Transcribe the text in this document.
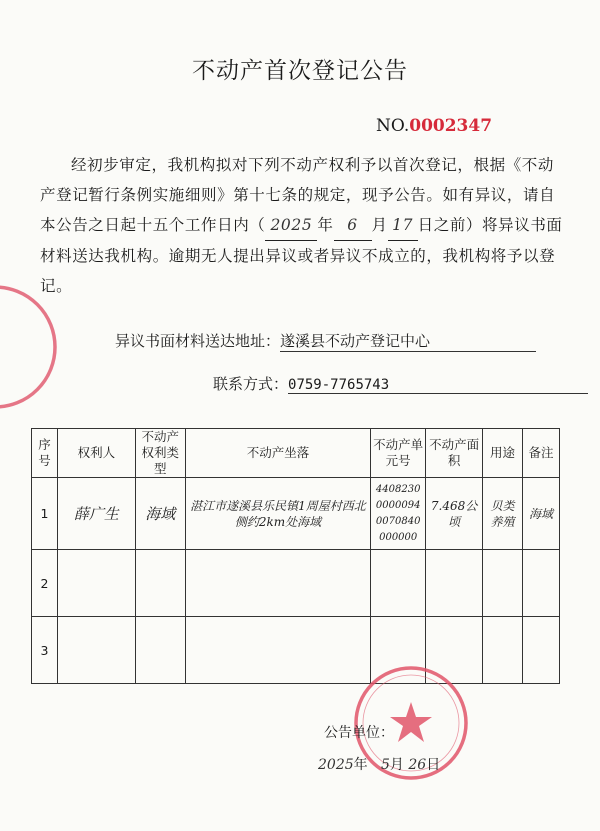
不动产首次登记公告
NO.0002347

经初步审定，我机构拟对下列不动产权利予以首次登记，根据《不动产登记暂行条例实施细则》第十七条的规定，现予公告。如有异议，请自本公告之日起十五个工作日内（ 2025 年 6 月 17 日之前）将异议书面材料送达我机构。逾期无人提出异议或者异议不成立的，我机构将予以登记。

异议书面材料送达地址：遂溪县不动产登记中心
联系方式：0759-7765743
序号	权利人	不动产权利类型	不动产坐落	不动产单元号	不动产面 积	用途	备注
1	薛广生	海域	湛江市遂溪县乐民镇1周屋村西北侧约2km处海域	440823000000940070840000000	7.468公顷	贝类养殖	海域
2							
3							
公告单位：
2025年 5月 26日
